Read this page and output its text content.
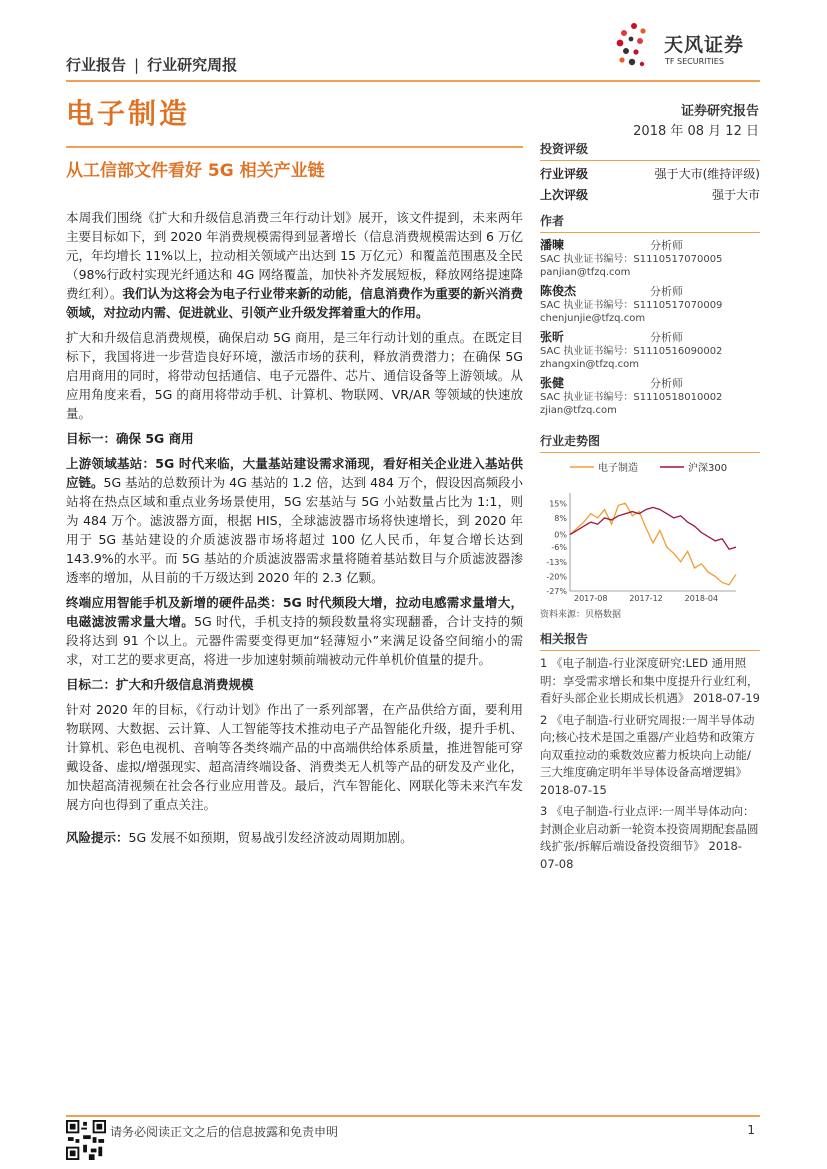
行业报告 | 行业研究周报
天风证券
TF SECURITIES
电子制造	证券研究报告
2018 年 08 月 12 日
从工信部文件看好 5G 相关产业链

本周我们围绕《扩大和升级信息消费三年行动计划》展开，该文件提到，未来两年主要目标如下，到 2020 年消费规模需得到显著增长（信息消费规模需达到 6 万亿元，年均增长 11%以上，拉动相关领域产出达到 15 万亿元）和覆盖范围惠及全民（98%行政村实现光纤通达和 4G 网络覆盖，加快补齐发展短板，释放网络提速降费红利）。我们认为这将会为电子行业带来新的动能，信息消费作为重要的新兴消费领域，对拉动内需、促进就业、引领产业升级发挥着重大的作用。

扩大和升级信息消费规模，确保启动 5G 商用，是三年行动计划的重点。在既定目标下，我国将进一步营造良好环境，激活市场的获利，释放消费潜力；在确保 5G 启用商用的同时，将带动包括通信、电子元器件、芯片、通信设备等上游领域。从应用角度来看，5G 的商用将带动手机、计算机、物联网、VR/AR 等领域的快速放量。

目标一：确保 5G 商用

上游领域基站：5G 时代来临，大量基站建设需求涌现，看好相关企业进入基站供应链。5G 基站的总数预计为 4G 基站的 1.2 倍，达到 484 万个，假设因高频段小站将在热点区域和重点业务场景使用，5G 宏基站与 5G 小站数量占比为 1:1，则为 484 万个。滤波器方面，根据 HIS，全球滤波器市场将快速增长，到 2020 年用于 5G 基站建设的介质滤波器市场将超过 100 亿人民币，年复合增长达到 143.9%的水平。而 5G 基站的介质滤波器需求量将随着基站数目与介质滤波器渗透率的增加，从目前的千万级达到 2020 年的 2.3 亿颗。

终端应用智能手机及新增的硬件品类：5G 时代频段大增，拉动电感需求量增大，电磁滤波需求量大增。5G 时代，手机支持的频段数量将实现翻番，合计支持的频段将达到 91 个以上。元器件需要变得更加“轻薄短小”来满足设备空间缩小的需求，对工艺的要求更高，将进一步加速射频前端被动元件单机价值量的提升。

目标二：扩大和升级信息消费规模

针对 2020 年的目标，《行动计划》作出了一系列部署，在产品供给方面，要利用物联网、大数据、云计算、人工智能等技术推动电子产品智能化升级，提升手机、计算机、彩色电视机、音响等各类终端产品的中高端供给体系质量，推进智能可穿戴设备、虚拟/增强现实、超高清终端设备、消费类无人机等产品的研发及产业化，加快超高清视频在社会各行业应用普及。最后，汽车智能化、网联化等未来汽车发展方向也得到了重点关注。

风险提示：5G 发展不如预期，贸易战引发经济波动周期加剧。

投资评级
行业评级	强于大市(维持评级)
上次评级	强于大市
作者
潘暕	分析师
SAC 执业证书编号：S1110517070005
panjian@tfzq.com
陈俊杰	分析师
SAC 执业证书编号：S1110517070009
chenjunjie@tfzq.com
张昕	分析师
SAC 执业证书编号：S1110516090002
zhangxin@tfzq.com
张健	分析师
SAC 执业证书编号：S1110518010002
zjian@tfzq.com
行业走势图
电子制造	沪深300
15%
8%
0%
-6%
-13%
-20%
-27%
2017-08	2017-12	2018-04
资料来源：贝格数据
相关报告

1 《电子制造-行业深度研究:LED 通用照明：享受需求增长和集中度提升行业红利，看好头部企业长期成长机遇》 2018-07-19

2 《电子制造-行业研究周报:一周半导体动向;核心技术是国之重器/产业趋势和政策方向双重拉动的乘数效应蓄力板块向上动能/三大维度确定明年半导体设备高增逻辑》 2018-07-15

3 《电子制造-行业点评:一周半导体动向：封测企业启动新一轮资本投资周期配套晶圆线扩张/拆解后端设备投资细节》 2018-07-08

请务必阅读正文之后的信息披露和免责申明	1
